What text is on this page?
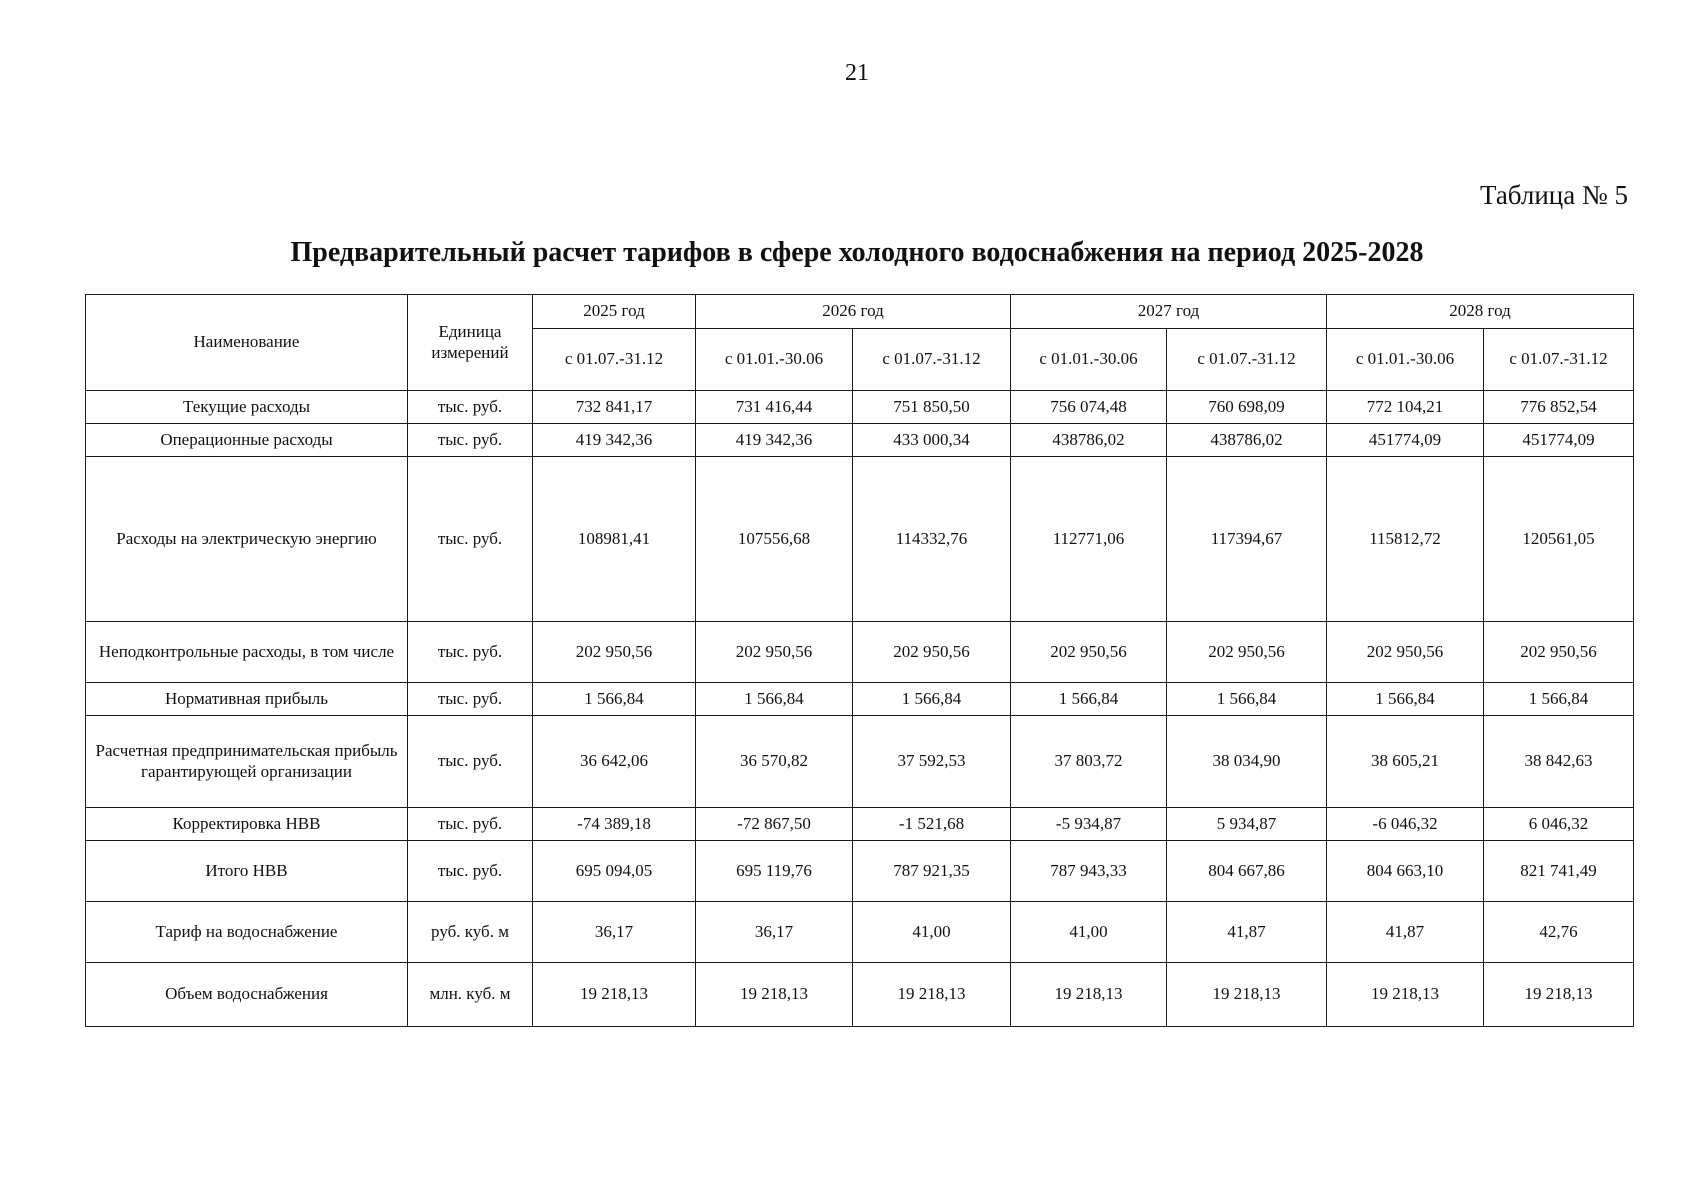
21
Таблица № 5
Предварительный расчет тарифов в сфере холодного водоснабжения на период 2025-2028
Наименование	Единица измерений	2025 год	2026 год		2027 год		2028 год	
		с 01.07.-31.12	с 01.01.-30.06	с 01.07.-31.12	с 01.01.-30.06	с 01.07.-31.12	с 01.01.-30.06	с 01.07.-31.12
Текущие расходы	тыс. руб.	732 841,17	731 416,44	751 850,50	756 074,48	760 698,09	772 104,21	776 852,54
Операционные расходы	тыс. руб.	419 342,36	419 342,36	433 000,34	438786,02	438786,02	451774,09	451774,09
Расходы на электрическую энергию	тыс. руб.	108981,41	107556,68	114332,76	112771,06	117394,67	115812,72	120561,05
Неподконтрольные расходы, в том числе	тыс. руб.	202 950,56	202 950,56	202 950,56	202 950,56	202 950,56	202 950,56	202 950,56
Нормативная прибыль	тыс. руб.	1 566,84	1 566,84	1 566,84	1 566,84	1 566,84	1 566,84	1 566,84
Расчетная предпринимательская прибыль гарантирующей организации	тыс. руб.	36 642,06	36 570,82	37 592,53	37 803,72	38 034,90	38 605,21	38 842,63
Корректировка НВВ	тыс. руб.	-74 389,18	-72 867,50	-1 521,68	-5 934,87	5 934,87	-6 046,32	6 046,32
Итого НВВ	тыс. руб.	695 094,05	695 119,76	787 921,35	787 943,33	804 667,86	804 663,10	821 741,49
Тариф на водоснабжение	руб. куб. м	36,17	36,17	41,00	41,00	41,87	41,87	42,76
Объем водоснабжения	млн. куб. м	19 218,13	19 218,13	19 218,13	19 218,13	19 218,13	19 218,13	19 218,13
